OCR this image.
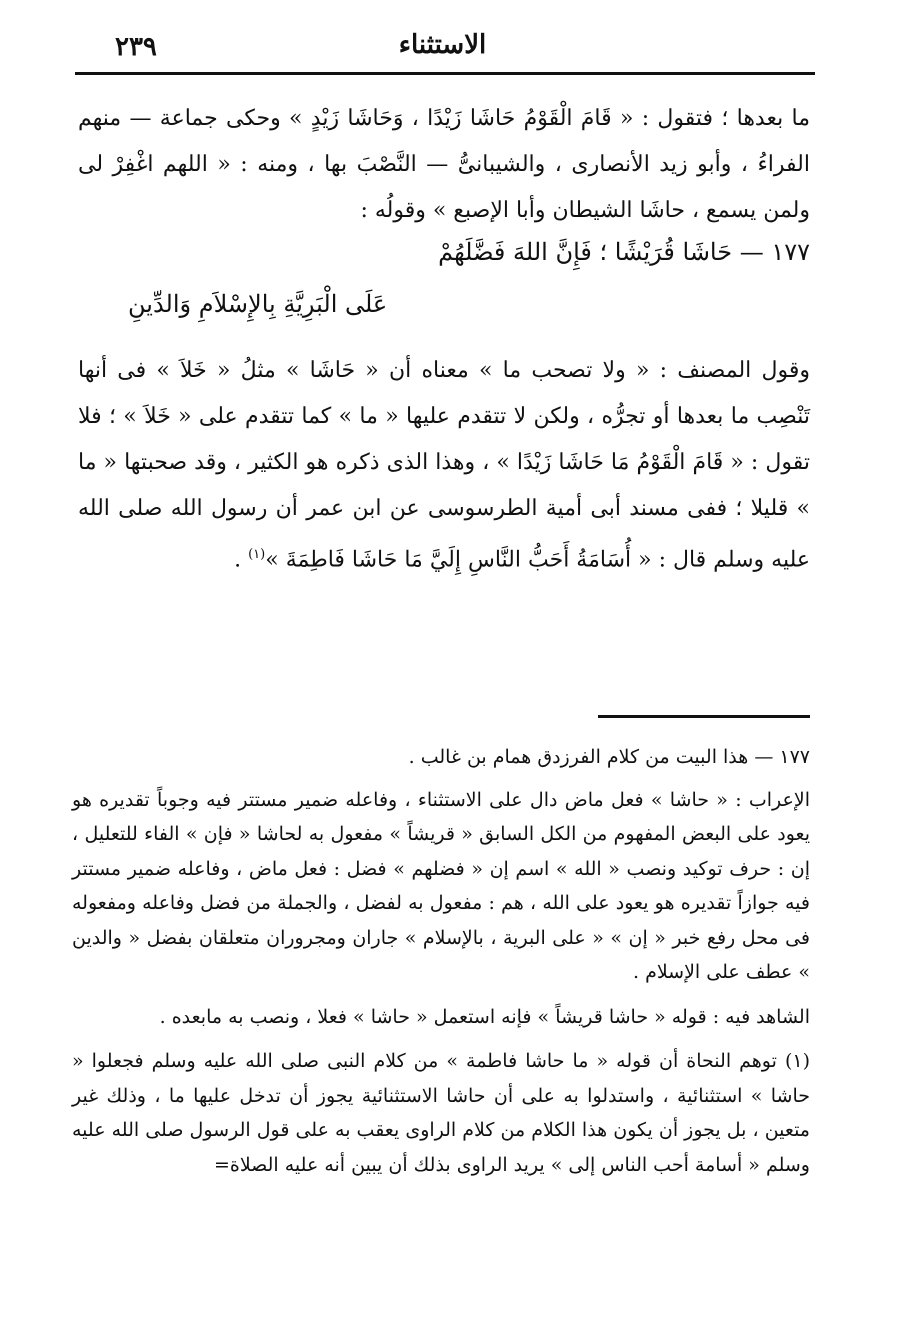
٢٣٩	الاستثناء

ما بعدها ؛ فتقول : « قَامَ الْقَوْمُ حَاشَا زَيْدًا ، وَحَاشَا زَيْدٍ » وحكى جماعة — منهم الفراءُ ، وأبو زيد الأنصارى ، والشيبانىُّ — النَّصْبَ بها ، ومنه : « اللهم اغْفِرْ لى ولمن يسمع ، حاشَا الشيطان وأبا الإصبع » وقولُه :

١٧٧ — حَاشَا قُرَيْشًا ؛ فَإِنَّ اللهَ فَضَّلَهُمْ
عَلَى الْبَرِيَّةِ بِالإِسْلاَمِ وَالدِّينِ

وقول المصنف : « ولا تصحب ما » معناه أن « حَاشَا » مثلُ « خَلاَ » فى أنها تَنْصِب ما بعدها أو تجرُّه ، ولكن لا تتقدم عليها « ما » كما تتقدم على « خَلاَ » ؛ فلا تقول : « قَامَ الْقَوْمُ مَا حَاشَا زَيْدًا » ، وهذا الذى ذكره هو الكثير ، وقد صحبتها « ما » قليلا ؛ ففى مسند أبى أمية الطرسوسى عن ابن عمر أن رسول الله صلى الله عليه وسلم قال : « أُسَامَةُ أَحَبُّ النَّاسِ إِلَيَّ مَا حَاشَا فَاطِمَةَ »$^{(١)}$ .

١٧٧ — هذا البيت من كلام الفرزدق همام بن غالب .

الإعراب : « حاشا » فعل ماض دال على الاستثناء ، وفاعله ضمير مستتر فيه وجوباً تقديره هو يعود على البعض المفهوم من الكل السابق « قريشاً » مفعول به لحاشا « فإن » الفاء للتعليل ، إن : حرف توكيد ونصب « الله » اسم إن « فضلهم » فضل : فعل ماض ، وفاعله ضمير مستتر فيه جوازاً تقديره هو يعود على الله ، هم : مفعول به لفضل ، والجملة من فضل وفاعله ومفعوله فى محل رفع خبر « إن » « على البرية ، بالإسلام » جاران ومجروران متعلقان بفضل « والدين » عطف على الإسلام .

الشاهد فيه : قوله « حاشا قريشاً » فإنه استعمل « حاشا » فعلا ، ونصب به مابعده .

(١) توهم النحاة أن قوله « ما حاشا فاطمة » من كلام النبى صلى الله عليه وسلم فجعلوا « حاشا » استثنائية ، واستدلوا به على أن حاشا الاستثنائية يجوز أن تدخل عليها ما ، وذلك غير متعين ، بل يجوز أن يكون هذا الكلام من كلام الراوى يعقب به على قول الرسول صلى الله عليه وسلم « أسامة أحب الناس إلى » يريد الراوى بذلك أن يبين أنه عليه الصلاة=
